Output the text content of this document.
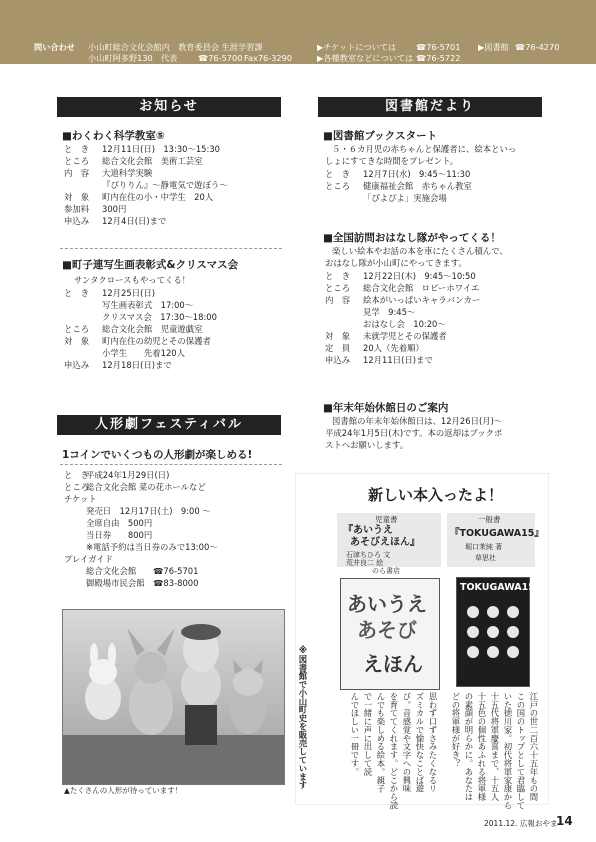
問い合わせ 小山町総合文化会館内　教育委員会 生涯学習課
小山町阿多野130　代表	☎76-5700 Fax76-3290
▶チケットについては ☎76-5701 ▶図書館 ☎76-4270
▶各種教室などについては ☎76-5722
お知らせ
■わくわく科学教室⑤
と　き 12月11日(日)　13:30～15:30
ところ 総合文化会館　美術工芸室
内　容 大道科学実験
『ぴりりん』～静電気で遊ぼう～
対　象 町内在住の小・中学生　20人
参加料 300円
申込み 12月4日(日)まで
■町子連写生画表彰式&クリスマス会
サンタクロースもやってくる！
と　き 12月25日(日)
写生画表彰式　17:00～
クリスマス会　17:30～18:00
ところ 総合文化会館　児童遊戯室
対　象 町内在住の幼児とその保護者
小学生　　先着120人
申込み 12月18日(日)まで
人形劇フェスティバル
1コインでいくつもの人形劇が楽しめる!
と　き平成24年1月29日(日)
ところ総合文化会館 菜の花ホールなど
チケット
発売日　12月17日(土)　9:00 ～
全席自由　500円
当日券　　800円
※電話予約は当日券のみで13:00～
プレイガイド
総合文化会館　　☎76-5701
御殿場市民会館　☎83-8000
▲たくさんの人形が待っています！
図書館だより
■図書館ブックスタート
５・６カ月児の赤ちゃんと保護者に、絵本といっ
しょにすてきな時間をプレゼント。
と　き 12月7日(水)　9:45～11:30
ところ 健康福祉会館　赤ちゃん教室
「ぴよぴよ」実施会場
■全国訪問おはなし隊がやってくる！
楽しい絵本やお話の本を車にたくさん積んで、
おはなし隊が小山町にやってきます。
と　き 12月22日(木)　9:45～10:50
ところ 総合文化会館　ロビーホワイエ
内　容 絵本がいっぱいキャラバンカー
見学　9:45～
おはなし会　10:20～
対　象 未就学児とその保護者
定　員 20人（先着順）
申込み 12月11日(日)まで
■年末年始休館日のご案内
図書館の年末年始休館日は、12月26日(月)～
平成24年1月5日(木)です。本の返却はブックポ
ストへお願いします。
新しい本入ったよ！
児童書
『あいうえ
あそびえほん』
石津ちひろ 文
荒井良二 絵
のら書店
あいうえ
あそび
えほん
一般書
『TOKUGAWA15』
堀口茉純 著
草思社
TOKUGAWA15
※図書館で小山町史を販売しています	思わず口ずさみたくなるリ
ズミカルで愉快なことば遊
び。音感覚や文字への興味
を育ててくれます。どこから読
んでも楽しめる絵本。親子
で一緒に声に出して読
んでほしい一冊です。	江戸の世二百六十五年もの間
この国のトップとして君臨して
いた徳川家。初代将軍家康から
十五代将軍慶喜まで、十五人
十五色の個性あふれる将軍様
の素顔が明らかに。あなたは
どの将軍様が好き？
2011.12. 広報おやま
14
